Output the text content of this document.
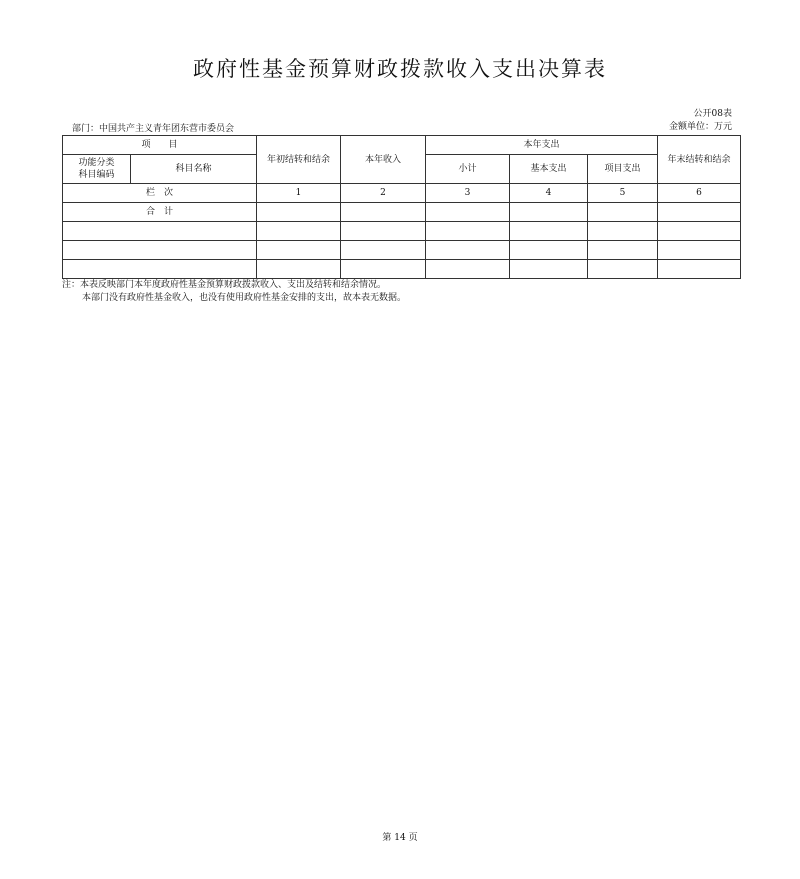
政府性基金预算财政拨款收入支出决算表
公开08表
金额单位：万元
部门：中国共产主义青年团东营市委员会
项　　目		年初结转和结余	本年收入	本年支出			年末结转和结余
功能分类
科目编码	科目名称			小计	基本支出	项目支出	
栏　次		1	2	3	4	5	6
合　计							

注：本表反映部门本年度政府性基金预算财政拨款收入、支出及结转和结余情况。
本部门没有政府性基金收入，也没有使用政府性基金安排的支出，故本表无数据。
第 14 页
